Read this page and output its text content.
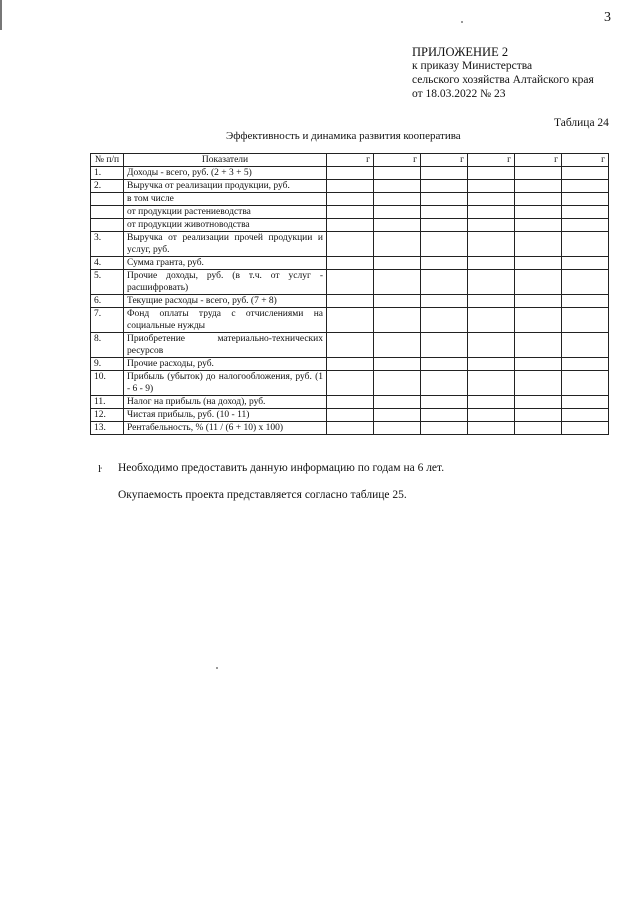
3
ПРИЛОЖЕНИЕ 2
к приказу Министерства
сельского хозяйства Алтайского края
от 18.03.2022 № 23
Таблица 24
Эффективность и динамика развития кооператива
№ п/п	Показатели	г	г	г	г	г	г
1.	Доходы - всего, руб. (2 + 3 + 5)						
2.	Выручка от реализации продукции, руб.						
	в том числе						
	от продукции растениеводства						
	от продукции животноводства						
3.	Выручка от реализации прочей продукции и услуг, руб.						
4.	Сумма гранта, руб.						
5.	Прочие доходы, руб. (в т.ч. от услуг - расшифровать)						
6.	Текущие расходы - всего, руб. (7 + 8)						
7.	Фонд оплаты труда с отчислениями на социальные нужды						
8.	Приобретение материально-технических ресурсов						
9.	Прочие расходы, руб.						
10.	Прибыль (убыток) до налогообложения, руб. (1 - 6 - 9)						
11.	Налог на прибыль (на доход), руб.						
12.	Чистая прибыль, руб. (10 - 11)						
13.	Рентабельность, % (11 / (6 + 10) x 100)						
ŀ Необходимо предоставить данную информацию по годам на 6 лет.
Окупаемость проекта представляется согласно таблице 25.
